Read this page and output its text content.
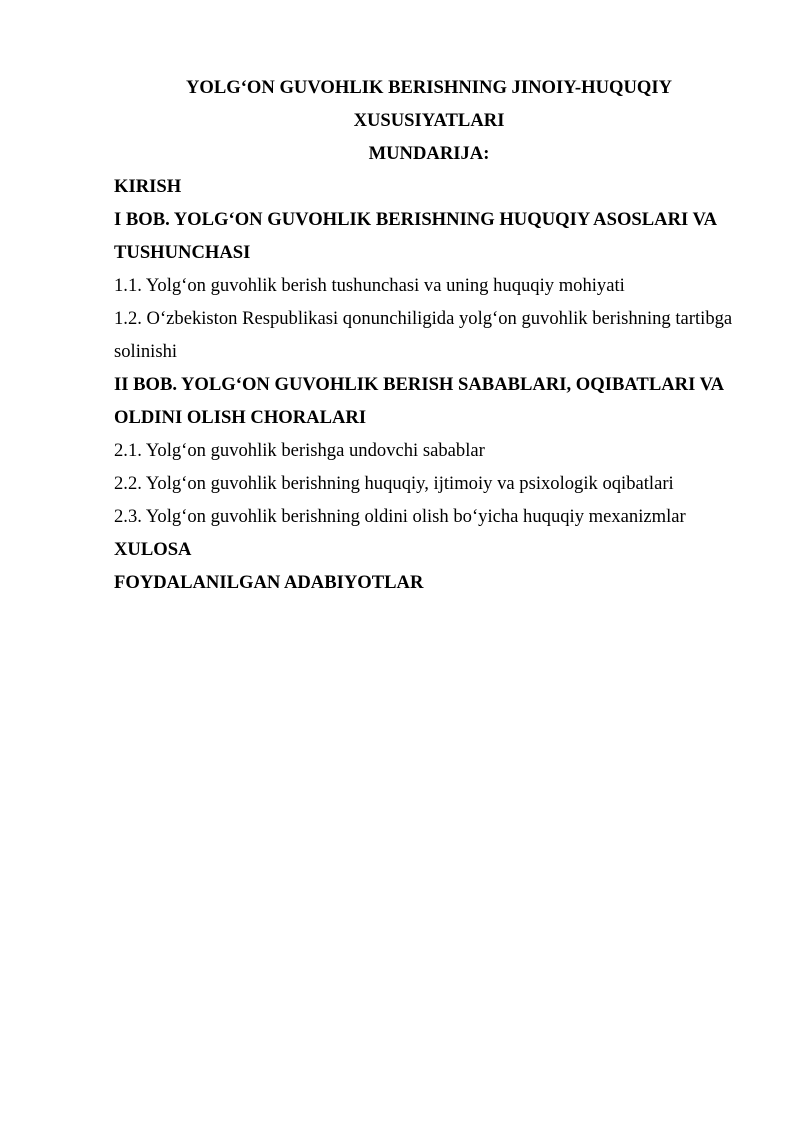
YOLG‘ON GUVOHLIK BERISHNING JINOIY-HUQUQIY XUSUSIYATLARI

MUNDARIJA:

KIRISH

I BOB. YOLG‘ON GUVOHLIK BERISHNING HUQUQIY ASOSLARI VA TUSHUNCHASI

1.1. Yolg‘on guvohlik berish tushunchasi va uning huquqiy mohiyati

1.2. O‘zbekiston Respublikasi qonunchiligida yolg‘on guvohlik berishning tartibga solinishi

II BOB. YOLG‘ON GUVOHLIK BERISH SABABLARI, OQIBATLARI VA OLDINI OLISH CHORALARI

2.1. Yolg‘on guvohlik berishga undovchi sabablar

2.2. Yolg‘on guvohlik berishning huquqiy, ijtimoiy va psixologik oqibatlari

2.3. Yolg‘on guvohlik berishning oldini olish bo‘yicha huquqiy mexanizmlar

XULOSA

FOYDALANILGAN ADABIYOTLAR
